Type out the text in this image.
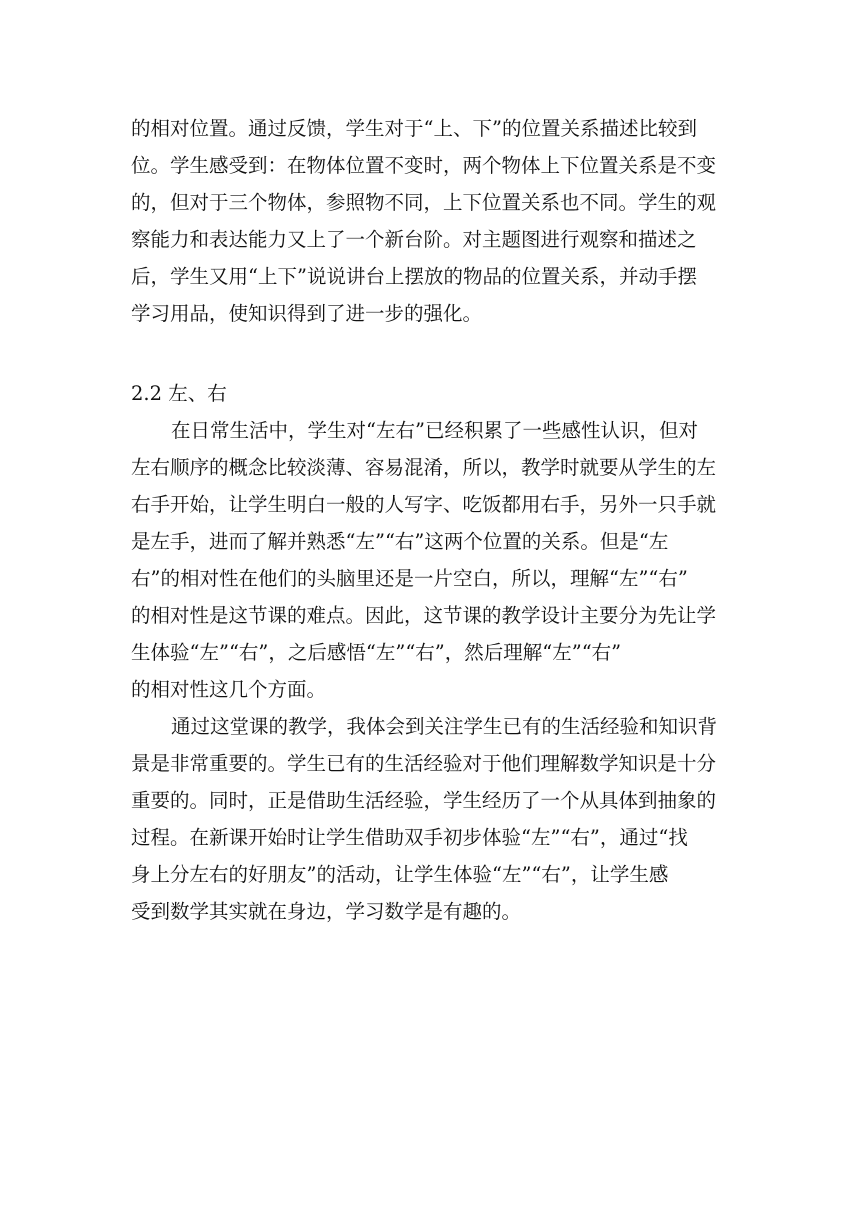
的相对位置。通过反馈，学生对于“上、下”的位置关系描述比较到
位。学生感受到：在物体位置不变时，两个物体上下位置关系是不变
的，但对于三个物体，参照物不同，上下位置关系也不同。学生的观
察能力和表达能力又上了一个新台阶。对主题图进行观察和描述之
后，学生又用“上下”说说讲台上摆放的物品的位置关系，并动手摆
学习用品，使知识得到了进一步的强化。
2.2 左、右
在日常生活中，学生对“左右”已经积累了一些感性认识，但对
左右顺序的概念比较淡薄、容易混淆，所以，教学时就要从学生的左
右手开始，让学生明白一般的人写字、吃饭都用右手，另外一只手就
是左手，进而了解并熟悉“左”“右”这两个位置的关系。但是“左
右”的相对性在他们的头脑里还是一片空白，所以，理解“左”“右”
的相对性是这节课的难点。因此，这节课的教学设计主要分为先让学
生体验“左”“右”，之后感悟“左”“右”，然后理解“左”“右”
的相对性这几个方面。
通过这堂课的教学，我体会到关注学生已有的生活经验和知识背
景是非常重要的。学生已有的生活经验对于他们理解数学知识是十分
重要的。同时，正是借助生活经验，学生经历了一个从具体到抽象的
过程。在新课开始时让学生借助双手初步体验“左”“右”，通过“找
身上分左右的好朋友”的活动，让学生体验“左”“右”，让学生感
受到数学其实就在身边，学习数学是有趣的。
